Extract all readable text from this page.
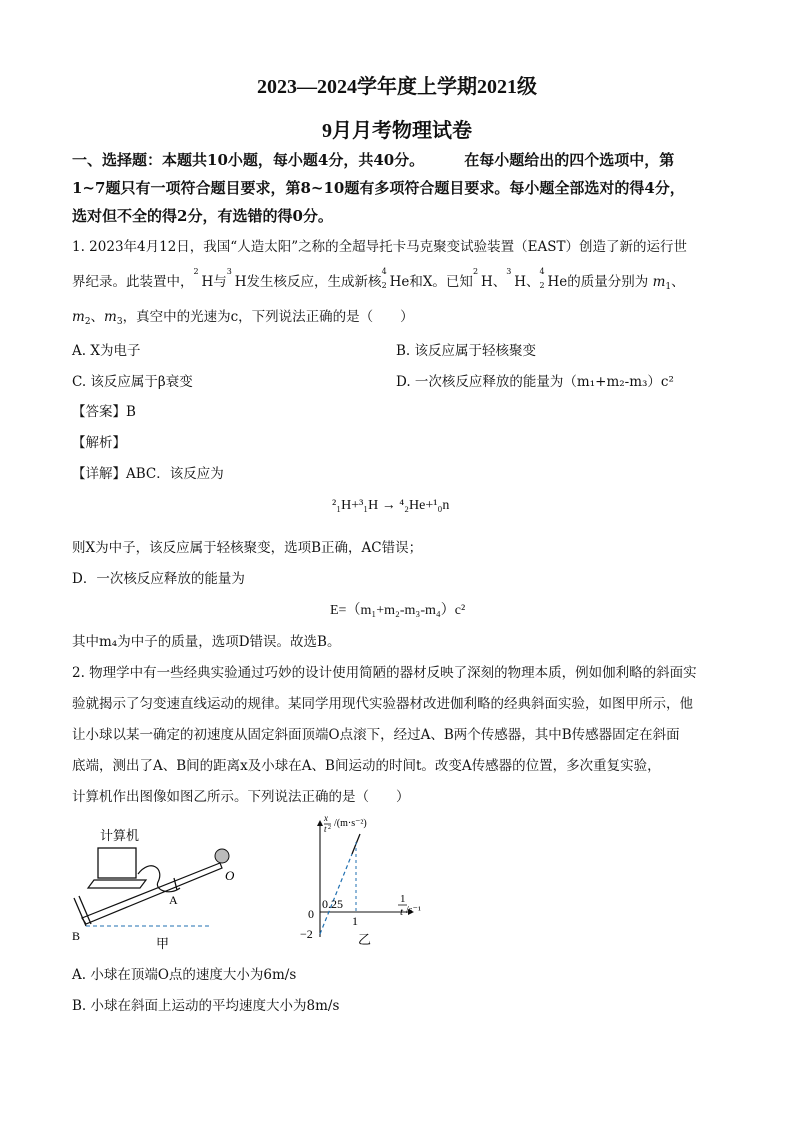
2023—2024学年度上学期2021级
9月月考物理试卷
一、选择题：本题共10小题，每小题4分，共40分。	在每小题给出的四个选项中，第
1~7题只有一项符合题目要求，第8~10题有多项符合题目要求。每小题全部选对的得4分，
选对但不全的得2分，有选错的得0分。
1. 2023年4月12日，我国“人造太阳”之称的全超导托卡马克聚变试验装置（EAST）创造了新的运行世
界纪录。此装置中，
2
H与
3
H发生核反应，生成新核
4
2 He和X。已知
2
H、
3
H、
4
2 He的质量分别为 $m_1$、
$m_2$、$m_3$，真空中的光速为c，下列说法正确的是（　　）
A. X为电子	B. 该反应属于轻核聚变
C. 该反应属于β衰变	D. 一次核反应释放的能量为（m₁+m₂-m₃）c²
【答案】B
【解析】
【详解】ABC．该反应为
²₁H+³₁H → ⁴₂He+¹₀n
则X为中子，该反应属于轻核聚变，选项B正确，AC错误；
D．一次核反应释放的能量为
E=（m₁+m₂-m₃-m₄）c²
其中m₄为中子的质量，选项D错误。故选B。
2. 物理学中有一些经典实验通过巧妙的设计使用简陋的器材反映了深刻的物理本质，例如伽利略的斜面实
验就揭示了匀变速直线运动的规律。某同学用现代实验器材改进伽利略的经典斜面实验，如图甲所示，他
让小球以某一确定的初速度从固定斜面顶端O点滚下，经过A、B两个传感器，其中B传感器固定在斜面
底端，测出了A、B间的距离x及小球在A、B间运动的时间t。改变A传感器的位置，多次重复实验，
计算机作出图像如图乙所示。下列说法正确的是（　　）
计算机
O
A
B	甲
x
t 2 /(m·s⁻²)
0
0.25
1
−2
1
t /s⁻¹
乙
A. 小球在顶端O点的速度大小为6m/s
B. 小球在斜面上运动的平均速度大小为8m/s
